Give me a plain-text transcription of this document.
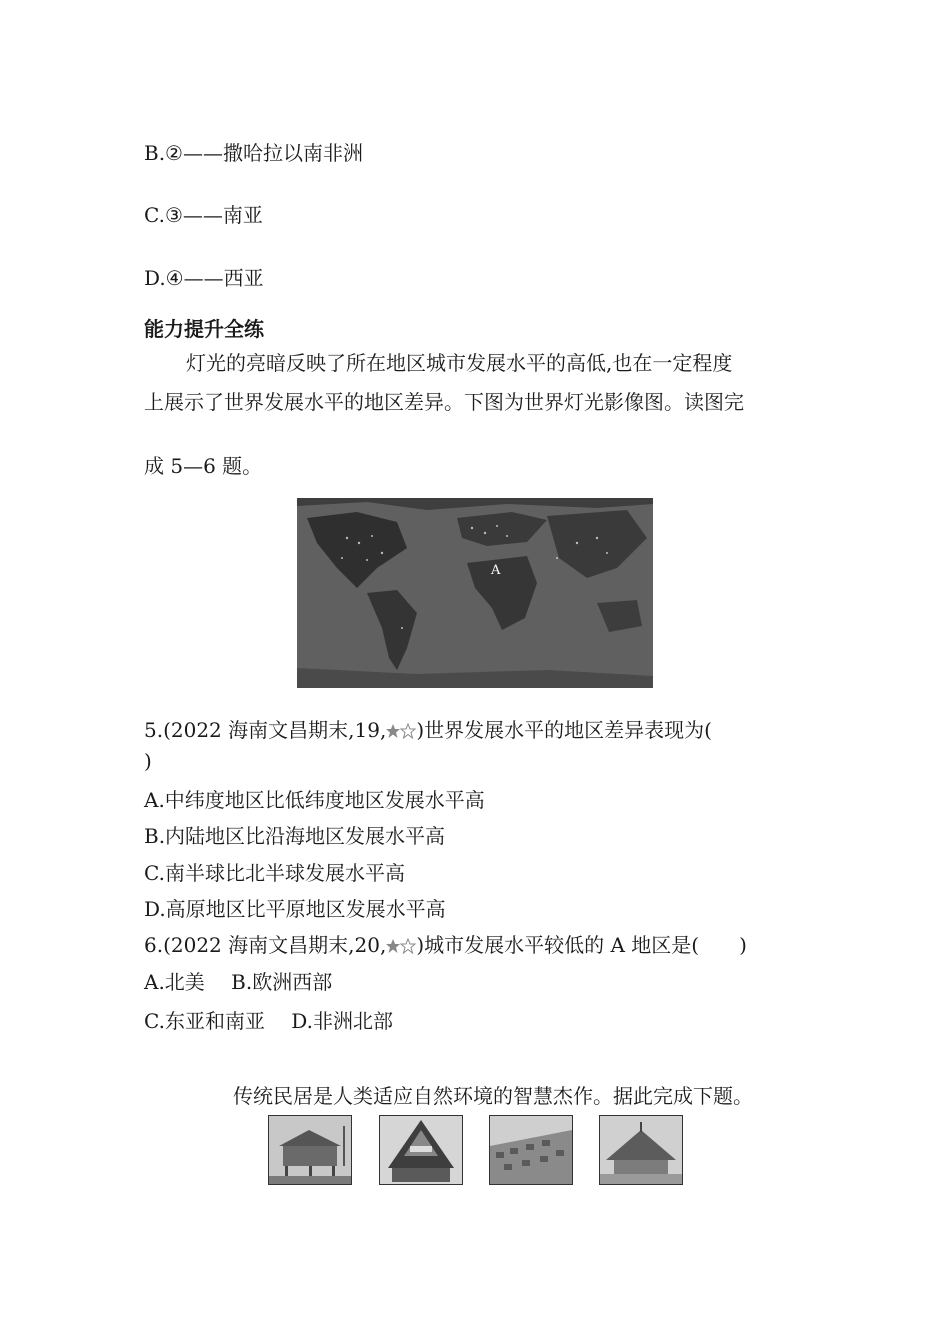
B.②——撒哈拉以南非洲
C.③——南亚
D.④——西亚
能力提升全练
灯光的亮暗反映了所在地区城市发展水平的高低,也在一定程度
上展示了世界发展水平的地区差异。下图为世界灯光影像图。读图完
成 5—6 题。
A
5.(2022 海南文昌期末,19, )世界发展水平的地区差异表现为(
)
A.中纬度地区比低纬度地区发展水平高
B.内陆地区比沿海地区发展水平高
C.南半球比北半球发展水平高
D.高原地区比平原地区发展水平高
6.(2022 海南文昌期末,20, )城市发展水平较低的 A 地区是(　　)
A.北美　 B.欧洲西部
C.东亚和南亚　 D.非洲北部
传统民居是人类适应自然环境的智慧杰作。据此完成下题。
